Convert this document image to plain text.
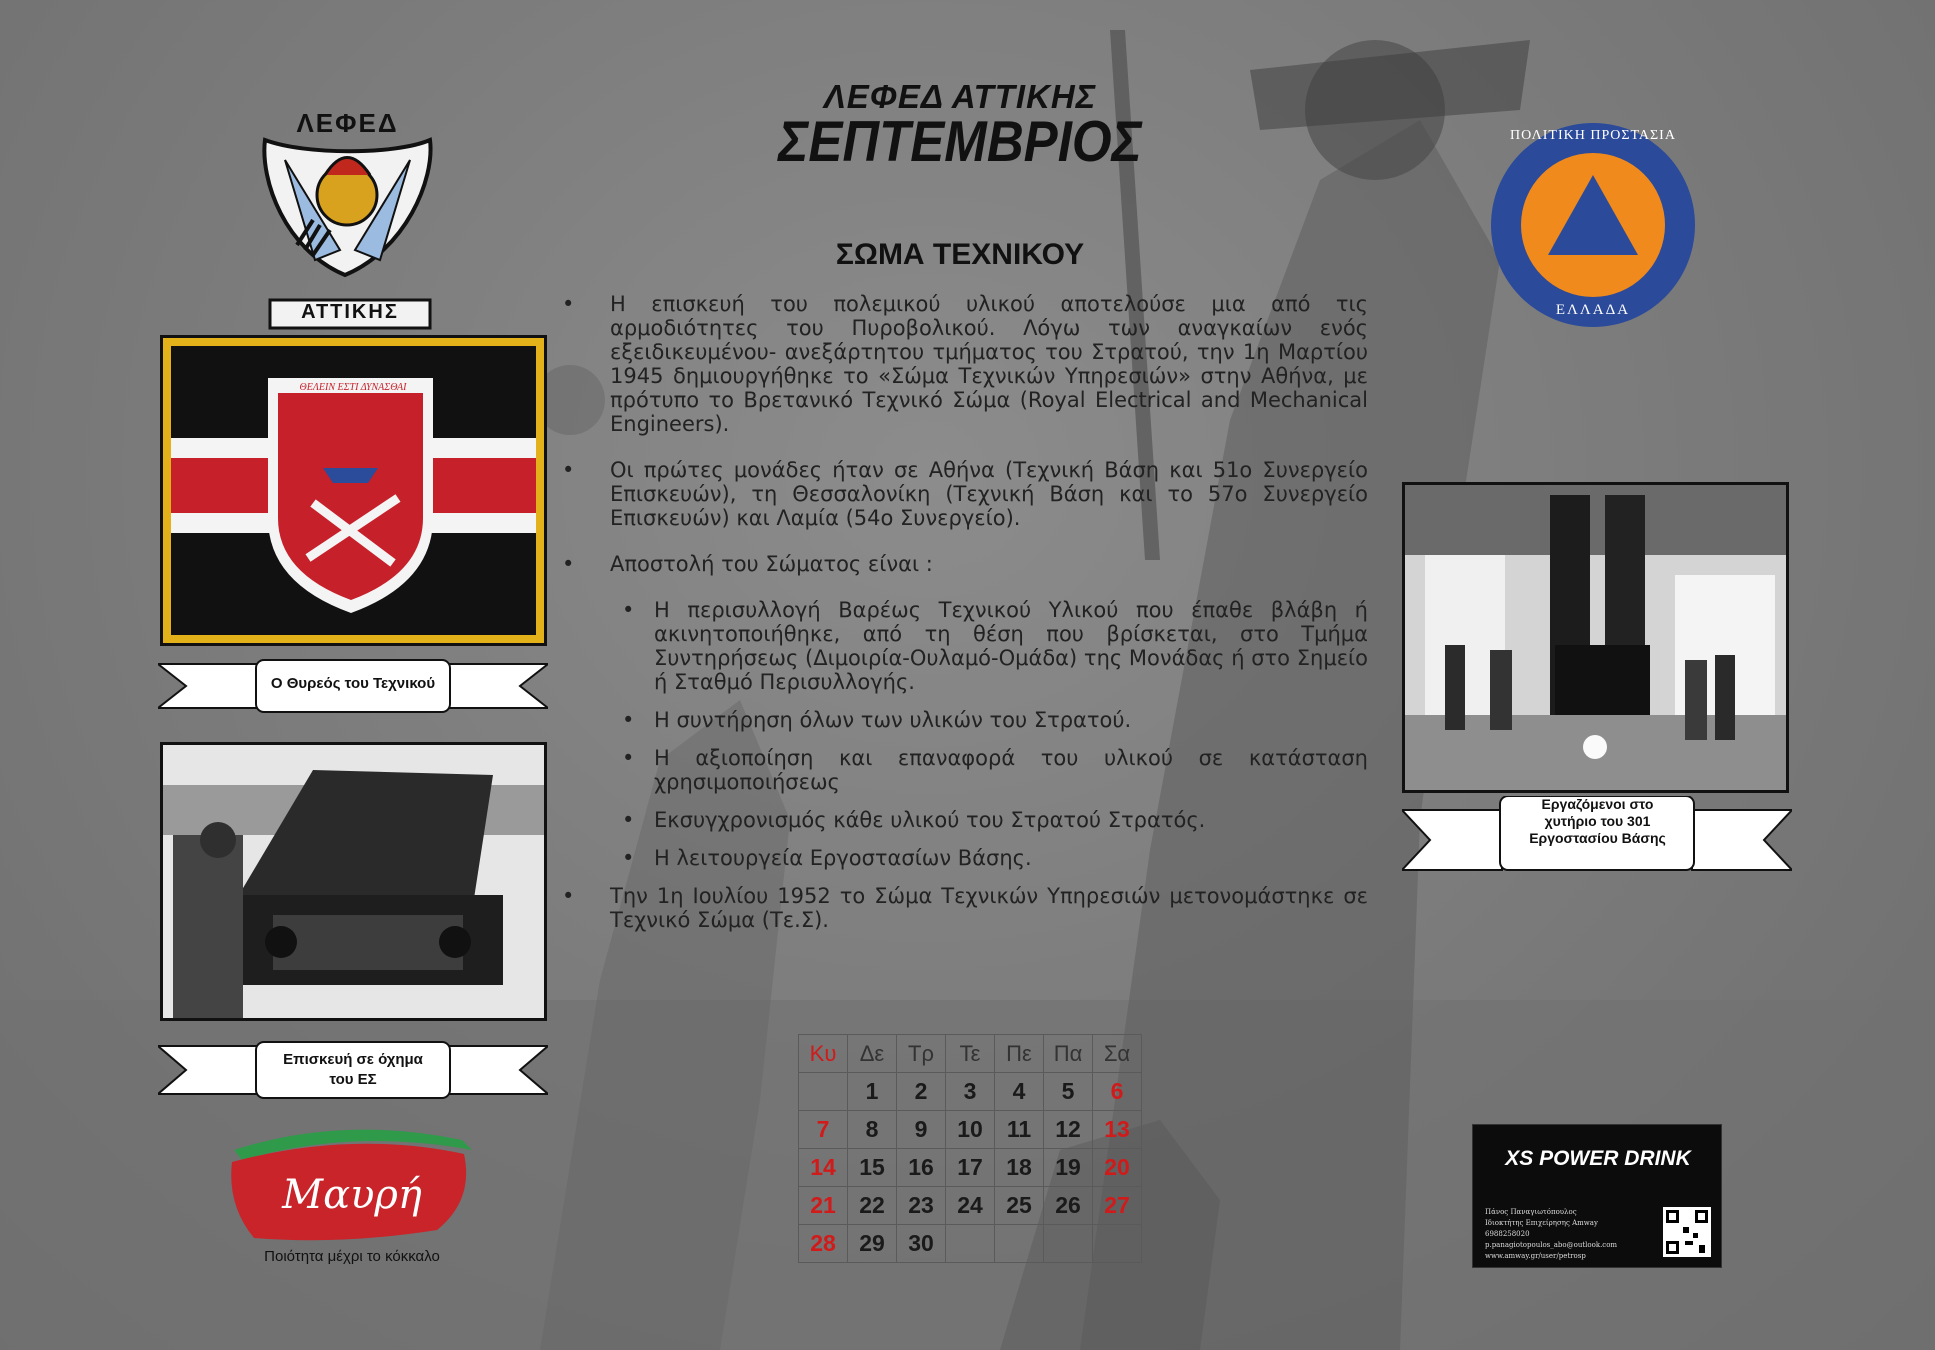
ΛΕΦΕΔ ΑΤΤΙΚΗΣ
ΣΕΠΤΕΜΒΡΙΟΣ
ΛΕΦΕΔ
ΑΤΤΙΚΗΣ
ΠΟΛΙΤΙΚΗ ΠΡΟΣΤΑΣΙΑ
ΕΛΛΑΔΑ
ΣΩΜΑ ΤΕΧΝΙΚΟΥ
ΘΕΛΕΙΝ ΕΣΤΙ ΔΥΝΑΣΘΑΙ
Ο Θυρεός του Τεχνικού
Επισκευή σε όχημα του ΕΣ
Εργαζόμενοι στο χυτήριο του 301 Εργοστασίου Βάσης
• Η επισκευή του πολεμικού υλικού αποτελούσε μια από τις αρμοδιότητες του Πυροβολικού. Λόγω των αναγκαίων ενός εξειδικευμένου- ανεξάρτητου τμήματος του Στρατού, την 1η Μαρτίου 1945 δημιουργήθηκε το «Σώμα Τεχνικών Υπηρεσιών» στην Αθήνα, με πρότυπο το Βρετανικό Τεχνικό Σώμα (Royal Electrical and Mechanical Engineers).
• Οι πρώτες μονάδες ήταν σε Αθήνα (Τεχνική Βάση και 51ο Συνεργείο Επισκευών), τη Θεσσαλονίκη (Τεχνική Βάση και το 57ο Συνεργείο Επισκευών) και Λαμία (54ο Συνεργείο).
• Αποστολή του Σώματος είναι :
• Η περισυλλογή Βαρέως Τεχνικού Υλικού που έπαθε βλάβη ή ακινητοποιήθηκε, από τη θέση που βρίσκεται, στο Τμήμα Συντηρήσεως (Διμοιρία-Ουλαμό-Ομάδα) της Μονάδας ή στο Σημείο ή Σταθμό Περισυλλογής.
• Η συντήρηση όλων των υλικών του Στρατού.
• Η αξιοποίηση και επαναφορά του υλικού σε κατάσταση χρησιμοποιήσεως
• Εκσυγχρονισμός κάθε υλικού του Στρατού Στρατός.
• Η λειτουργεία Εργοστασίων Βάσης.
• Την 1η Ιουλίου 1952 το Σώμα Τεχνικών Υπηρεσιών μετονομάστηκε σε Τεχνικό Σώμα (Τε.Σ).
Κυ	Δε	Τρ	Τε	Πε	Πα	Σα
	1	2	3	4	5	6
7	8	9	10	11	12	13
14	15	16	17	18	19	20
21	22	23	24	25	26	27
28	29	30				
Μαυρή
Ποιότητα μέχρι το κόκκαλο
XS POWER DRINK
Πάνος Παναγιωτόπουλος
Ιδιοκτήτης Επιχείρησης Amway
6988258020
p.panagiotopoulos_abo@outlook.com
www.amway.gr/user/petrosp
